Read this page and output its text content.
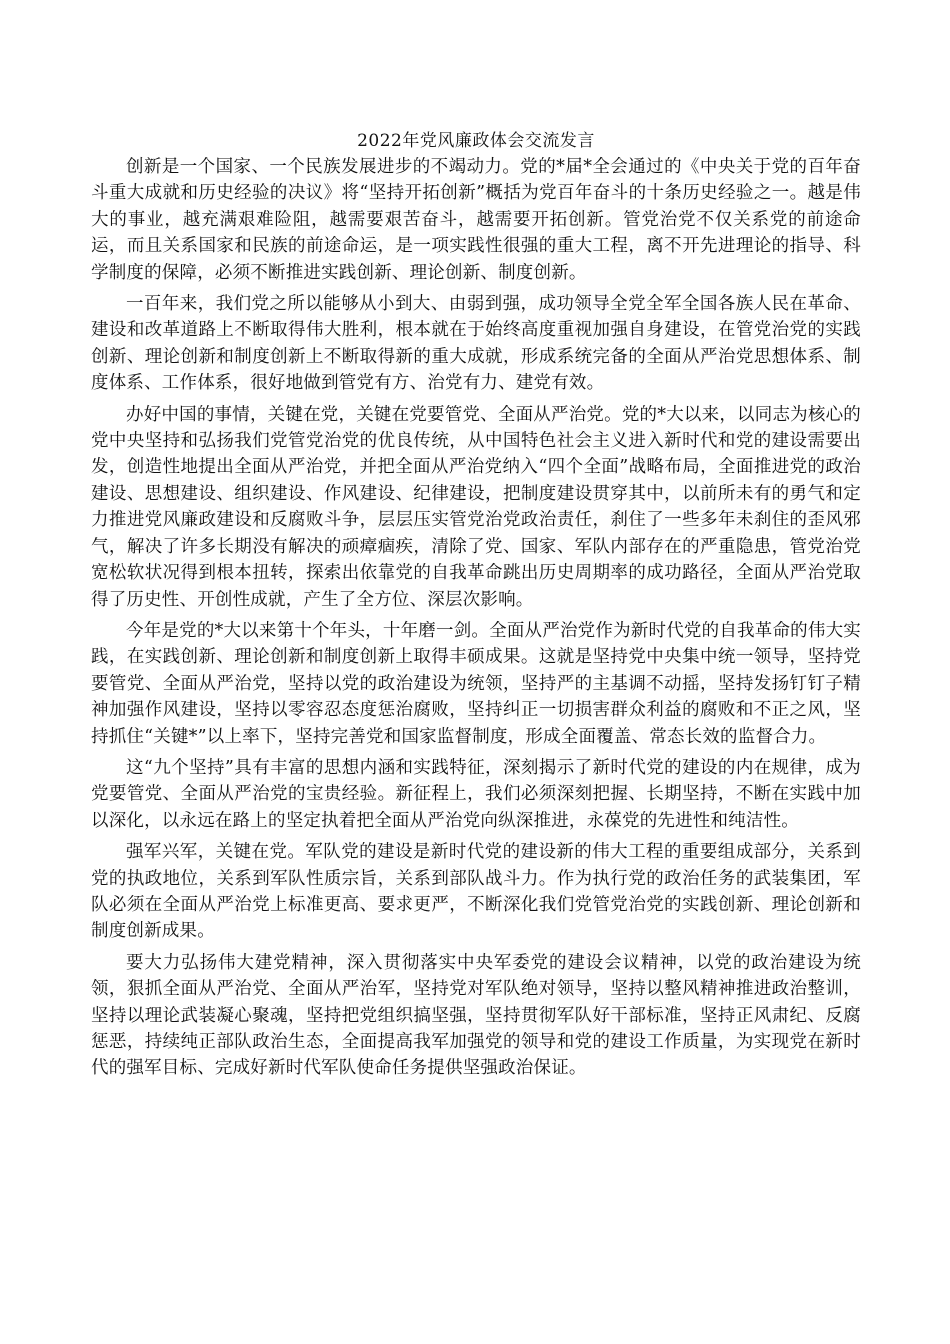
2022年党风廉政体会交流发言

创新是一个国家、一个民族发展进步的不竭动力。党的*届*全会通过的《中央关于党的百年奋斗重大成就和历史经验的决议》将“坚持开拓创新”概括为党百年奋斗的十条历史经验之一。越是伟大的事业，越充满艰难险阻，越需要艰苦奋斗，越需要开拓创新。管党治党不仅关系党的前途命运，而且关系国家和民族的前途命运，是一项实践性很强的重大工程，离不开先进理论的指导、科学制度的保障，必须不断推进实践创新、理论创新、制度创新。

一百年来，我们党之所以能够从小到大、由弱到强，成功领导全党全军全国各族人民在革命、建设和改革道路上不断取得伟大胜利，根本就在于始终高度重视加强自身建设，在管党治党的实践创新、理论创新和制度创新上不断取得新的重大成就，形成系统完备的全面从严治党思想体系、制度体系、工作体系，很好地做到管党有方、治党有力、建党有效。

办好中国的事情，关键在党，关键在党要管党、全面从严治党。党的*大以来，以同志为核心的党中央坚持和弘扬我们党管党治党的优良传统，从中国特色社会主义进入新时代和党的建设需要出发，创造性地提出全面从严治党，并把全面从严治党纳入“四个全面”战略布局，全面推进党的政治建设、思想建设、组织建设、作风建设、纪律建设，把制度建设贯穿其中，以前所未有的勇气和定力推进党风廉政建设和反腐败斗争，层层压实管党治党政治责任，刹住了一些多年未刹住的歪风邪气，解决了许多长期没有解决的顽瘴痼疾，清除了党、国家、军队内部存在的严重隐患，管党治党宽松软状况得到根本扭转，探索出依靠党的自我革命跳出历史周期率的成功路径，全面从严治党取得了历史性、开创性成就，产生了全方位、深层次影响。

今年是党的*大以来第十个年头，十年磨一剑。全面从严治党作为新时代党的自我革命的伟大实践，在实践创新、理论创新和制度创新上取得丰硕成果。这就是坚持党中央集中统一领导，坚持党要管党、全面从严治党，坚持以党的政治建设为统领，坚持严的主基调不动摇，坚持发扬钉钉子精神加强作风建设，坚持以零容忍态度惩治腐败，坚持纠正一切损害群众利益的腐败和不正之风，坚持抓住“关键*”以上率下，坚持完善党和国家监督制度，形成全面覆盖、常态长效的监督合力。

这“九个坚持”具有丰富的思想内涵和实践特征，深刻揭示了新时代党的建设的内在规律，成为党要管党、全面从严治党的宝贵经验。新征程上，我们必须深刻把握、长期坚持，不断在实践中加以深化，以永远在路上的坚定执着把全面从严治党向纵深推进，永葆党的先进性和纯洁性。

强军兴军，关键在党。军队党的建设是新时代党的建设新的伟大工程的重要组成部分，关系到党的执政地位，关系到军队性质宗旨，关系到部队战斗力。作为执行党的政治任务的武装集团，军队必须在全面从严治党上标准更高、要求更严，不断深化我们党管党治党的实践创新、理论创新和制度创新成果。

要大力弘扬伟大建党精神，深入贯彻落实中央军委党的建设会议精神，以党的政治建设为统领，狠抓全面从严治党、全面从严治军，坚持党对军队绝对领导，坚持以整风精神推进政治整训，坚持以理论武装凝心聚魂，坚持把党组织搞坚强，坚持贯彻军队好干部标准，坚持正风肃纪、反腐惩恶，持续纯正部队政治生态，全面提高我军加强党的领导和党的建设工作质量，为实现党在新时代的强军目标、完成好新时代军队使命任务提供坚强政治保证。
